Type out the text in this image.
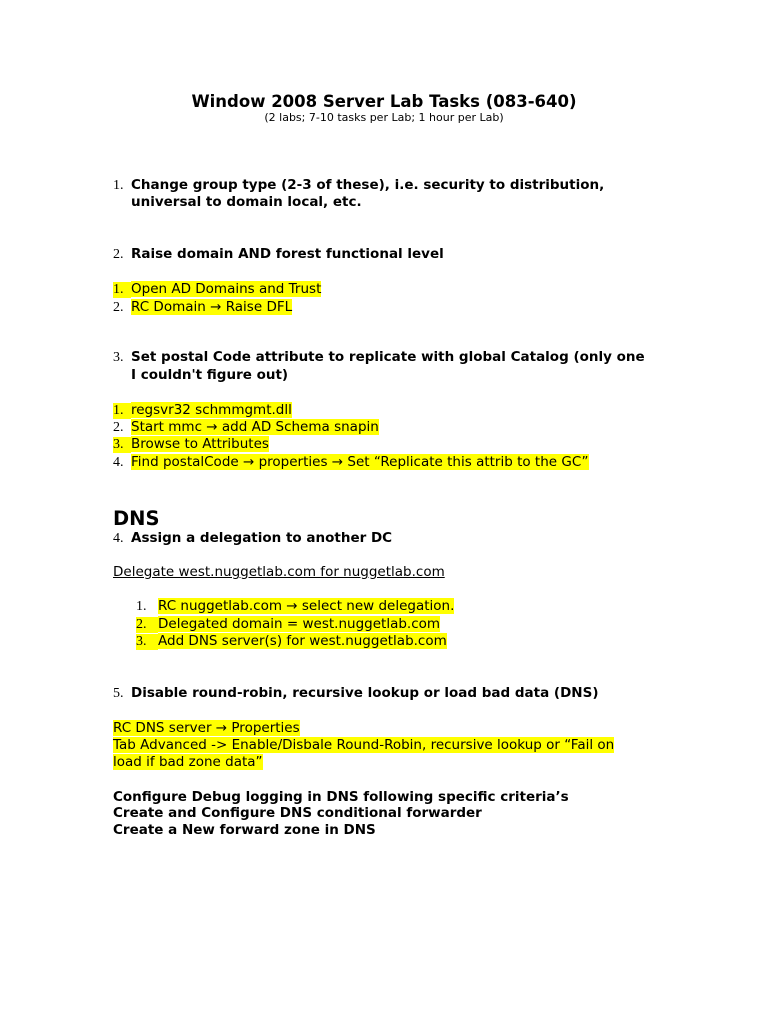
Window 2008 Server Lab Tasks (083-640)
(2 labs; 7-10 tasks per Lab; 1 hour per Lab)
1. Change group type (2-3 of these), i.e. security to distribution,
universal to domain local, etc.
2. Raise domain AND forest functional level
1. Open AD Domains and Trust
2. RC Domain → Raise DFL
3. Set postal Code attribute to replicate with global Catalog (only one
I couldn't figure out)
1. regsvr32 schmmgmt.dll
2. Start mmc → add AD Schema snapin
3. Browse to Attributes
4. Find postalCode → properties → Set “Replicate this attrib to the GC”
DNS
4. Assign a delegation to another DC
Delegate west.nuggetlab.com for nuggetlab.com
1. RC nuggetlab.com → select new delegation.
2. Delegated domain = west.nuggetlab.com
3. Add DNS server(s) for west.nuggetlab.com
5. Disable round-robin, recursive lookup or load bad data (DNS)
RC DNS server → Properties
Tab Advanced -> Enable/Disbale Round-Robin, recursive lookup or “Fail on
load if bad zone data”
Configure Debug logging in DNS following specific criteria’s
Create and Configure DNS conditional forwarder
Create a New forward zone in DNS
